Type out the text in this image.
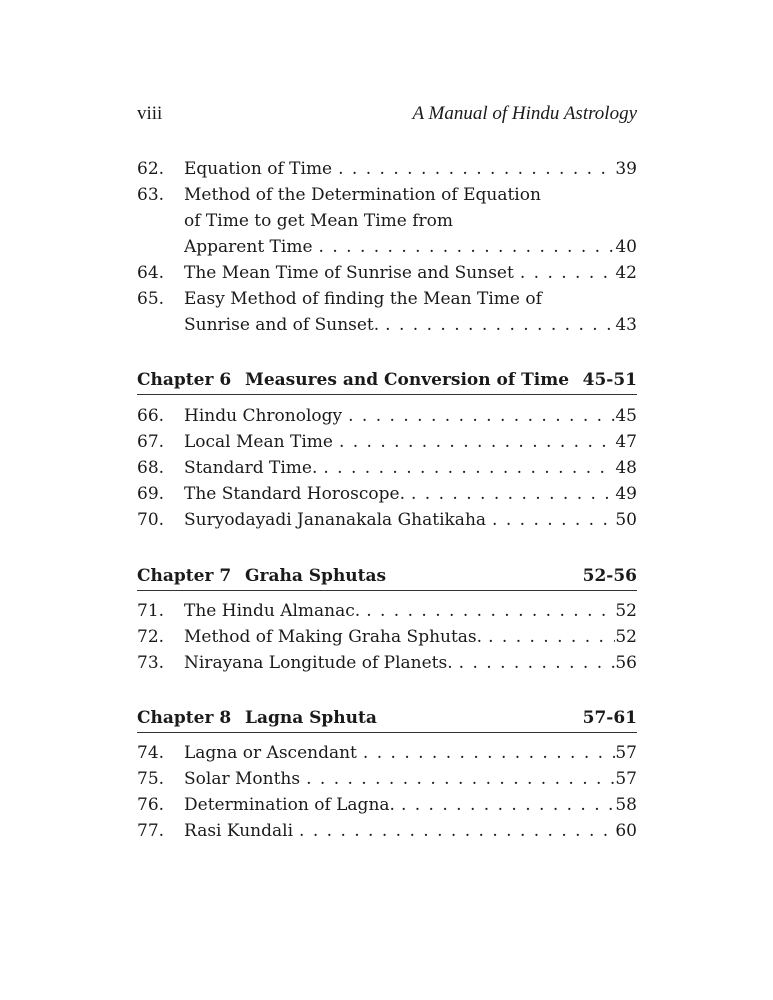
viii	A Manual of Hindu Astrology
62.	Equation of Time . . .	39
63.	Method of the Determination of Equation
of Time to get Mean Time from
Apparent Time . . .	40
64.	The Mean Time of Sunrise and Sunset . . .	42
65.	Easy Method of finding the Mean Time of
Sunrise and of Sunset. . . .	43
Chapter 6 Measures and Conversion of Time 45-51
66.	Hindu Chronology . . .	45
67.	Local Mean Time . . .	47
68.	Standard Time. . . .	48
69.	The Standard Horoscope. . . .	49
70.	Suryodayadi Jananakala Ghatikaha . . .	50
Chapter 7 Graha Sphutas	52-56
71.	The Hindu Almanac. . . .	52
72.	Method of Making Graha Sphutas. . . .	52
73.	Nirayana Longitude of Planets. . . .	56
Chapter 8 Lagna Sphuta	57-61
74.	Lagna or Ascendant . . .	57
75.	Solar Months . . .	57
76.	Determination of Lagna. . . .	58
77.	Rasi Kundali . . .	60
